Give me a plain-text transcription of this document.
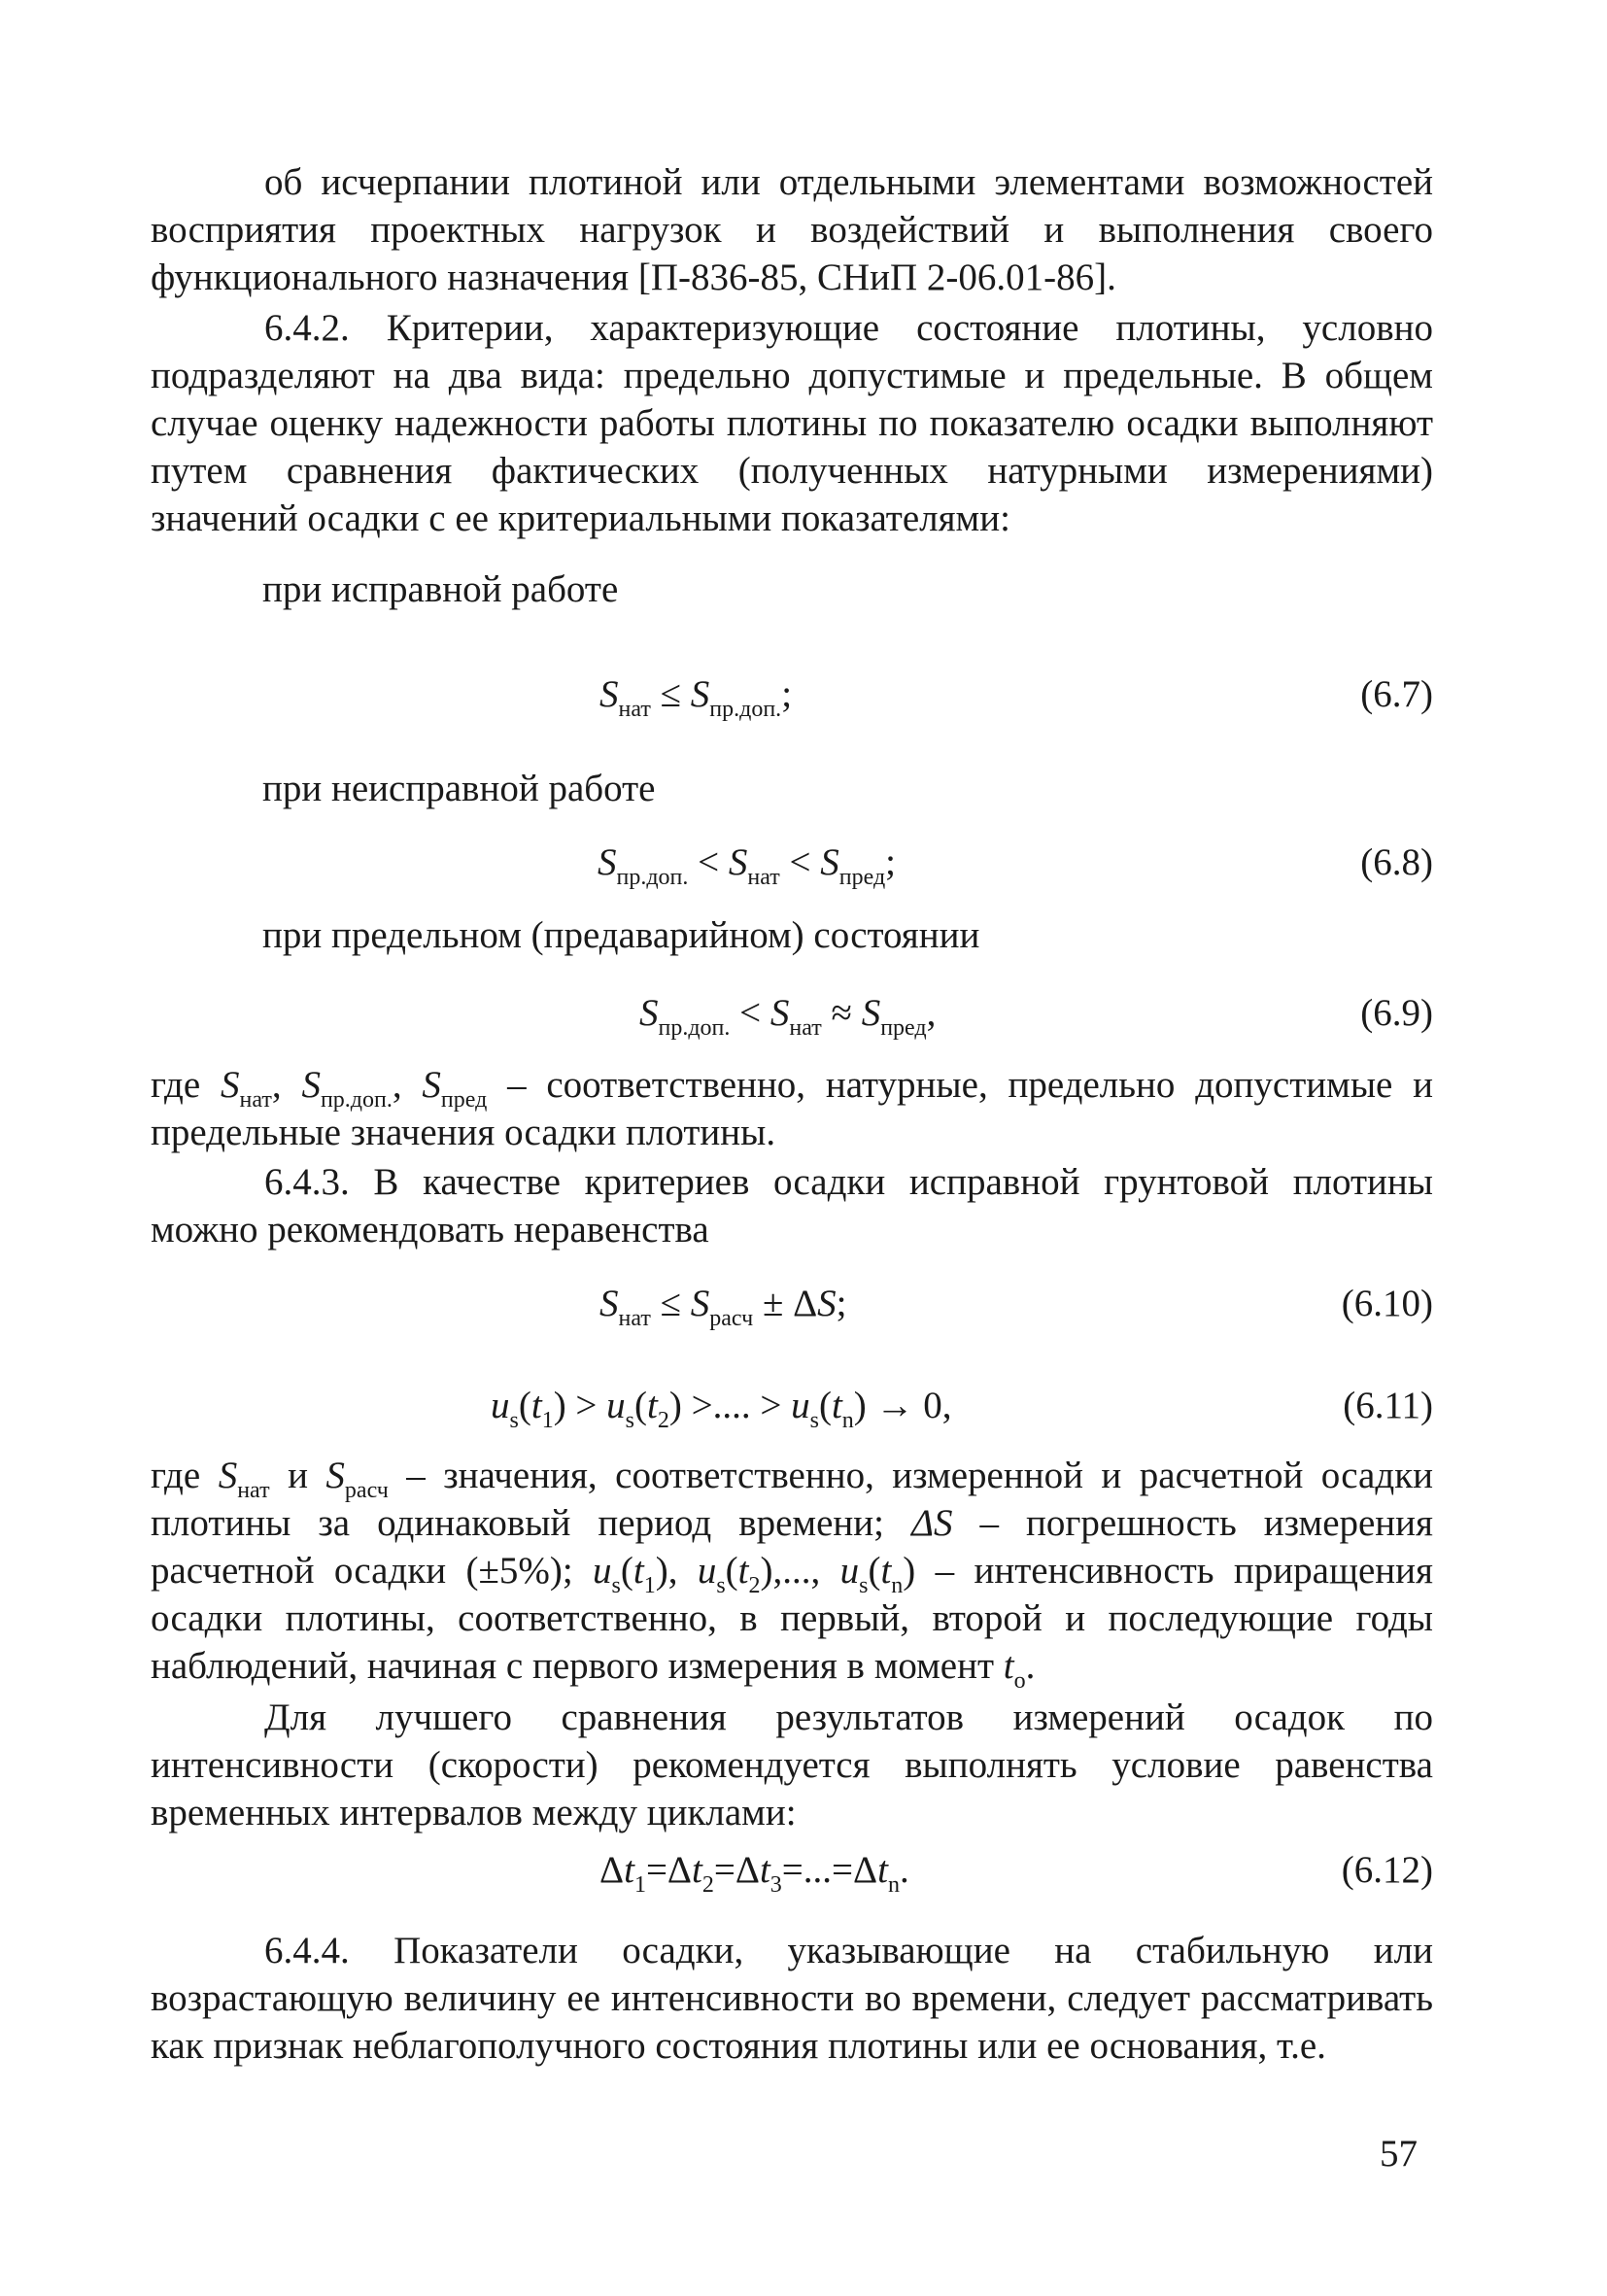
об исчерпании плотиной или отдельными элементами возможностей восприятия проектных нагрузок и воздействий и выполнения своего функционального назначения [П-836-85, СНиП 2-06.01-86].

6.4.2. Критерии, характеризующие состояние плотины, условно подразделяют на два вида: предельно допустимые и предельные. В общем случае оценку надежности работы плотины по показателю осадки выполняют путем сравнения фактических (полученных натурными измерениями) значений осадки с ее критериальными показателями:

при исправной работе
$S_{нат} \le S_{пр.доп.}$;	(6.7)
при неисправной работе
$S_{пр.доп.} < S_{нат} < S_{пред}$;	(6.8)
при предельном (предаварийном) состоянии
$S_{пр.доп.} < S_{нат} \approx S_{пред}$,	(6.9)

где $S_{нат}$, $S_{пр.доп.}$, $S_{пред}$ – соответственно, натурные, предельно допустимые и предельные значения осадки плотины.

6.4.3. В качестве критериев осадки исправной грунтовой плотины можно рекомендовать неравенства

$S_{нат} \le S_{расч} \pm \Delta S$;	(6.10)
$u_s(t_1) > u_s(t_2)$ >.... > $u_s(t_n) \to 0$,	(6.11)

где $S_{нат}$ и $S_{расч}$ – значения, соответственно, измеренной и расчетной осадки плотины за одинаковый период времени; ΔS – погрешность измерения расчетной осадки (±5%); $u_s(t_1)$, $u_s(t_2)$,..., $u_s(t_n)$ – интенсивность приращения осадки плотины, соответственно, в первый, второй и последующие годы наблюдений, начиная с первого измерения в момент $t_о$.

Для лучшего сравнения результатов измерений осадок по интенсивности (скорости) рекомендуется выполнять условие равенства временных интервалов между циклами:

$\Delta t_1=\Delta t_2=\Delta t_3=...=\Delta t_n$.	(6.12)

6.4.4. Показатели осадки, указывающие на стабильную или возрастающую величину ее интенсивности во времени, следует рассматривать как признак неблагополучного состояния плотины или ее основания, т.е.

57
